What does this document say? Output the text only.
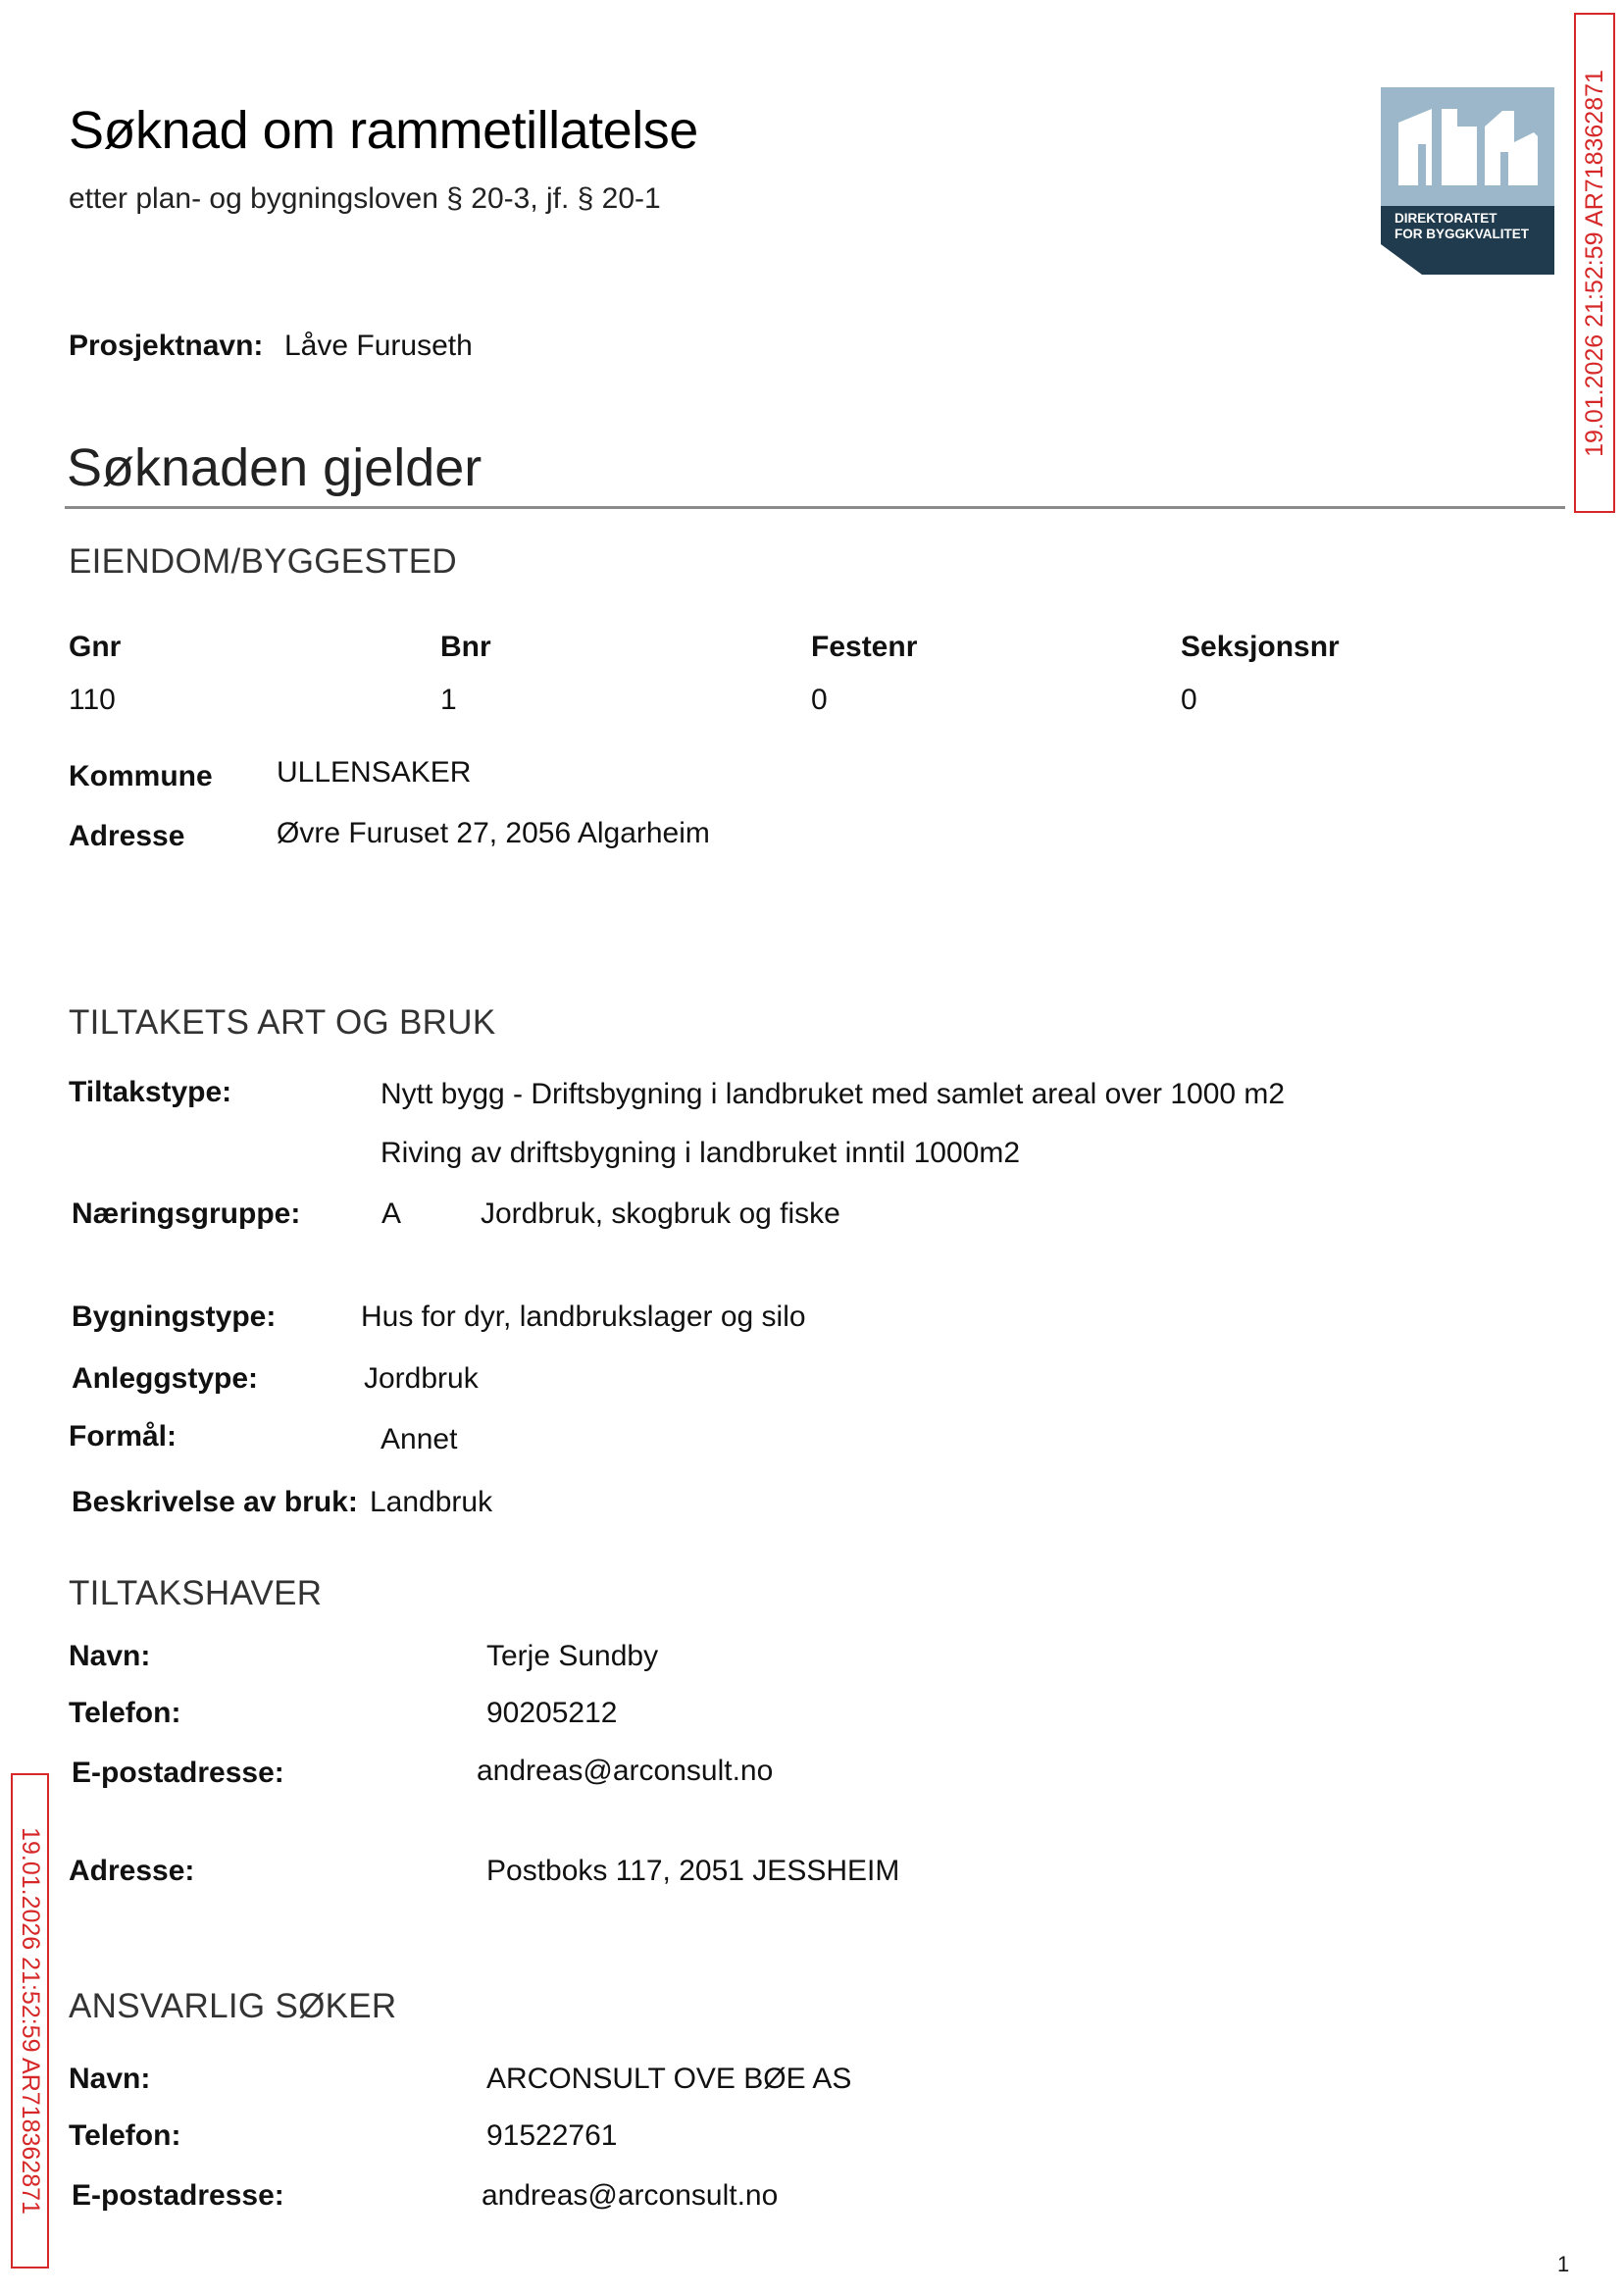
Søknad om rammetillatelse
etter plan- og bygningsloven § 20-3, jf. § 20-1
Prosjektnavn: Låve Furuseth
DIREKTORATET
FOR BYGGKVALITET 19.01.2026 21:52:59 AR718362871
19.01.2026 21:52:59 AR718362871
Søknaden gjelder
EIENDOM/BYGGESTED
Gnr	Bnr	Festenr	Seksjonsnr
110	1	0	0
Kommune ULLENSAKER
Adresse	Øvre Furuset 27, 2056 Algarheim
TILTAKETS ART OG BRUK
Tiltakstype:	Nytt bygg - Driftsbygning i landbruket med samlet areal over 1000 m2
Riving av driftsbygning i landbruket inntil 1000m2
Næringsgruppe:	A	Jordbruk, skogbruk og fiske
Bygningstype:	Hus for dyr, landbrukslager og silo
Anleggstype:	Jordbruk
Formål:	Annet
Beskrivelse av bruk: Landbruk
TILTAKSHAVER
Navn:	Terje Sundby
Telefon:	90205212
E-postadresse:	andreas@arconsult.no
Adresse:	Postboks 117, 2051 JESSHEIM
ANSVARLIG SØKER
Navn:	ARCONSULT OVE BØE AS
Telefon:	91522761
E-postadresse:	andreas@arconsult.no
1
